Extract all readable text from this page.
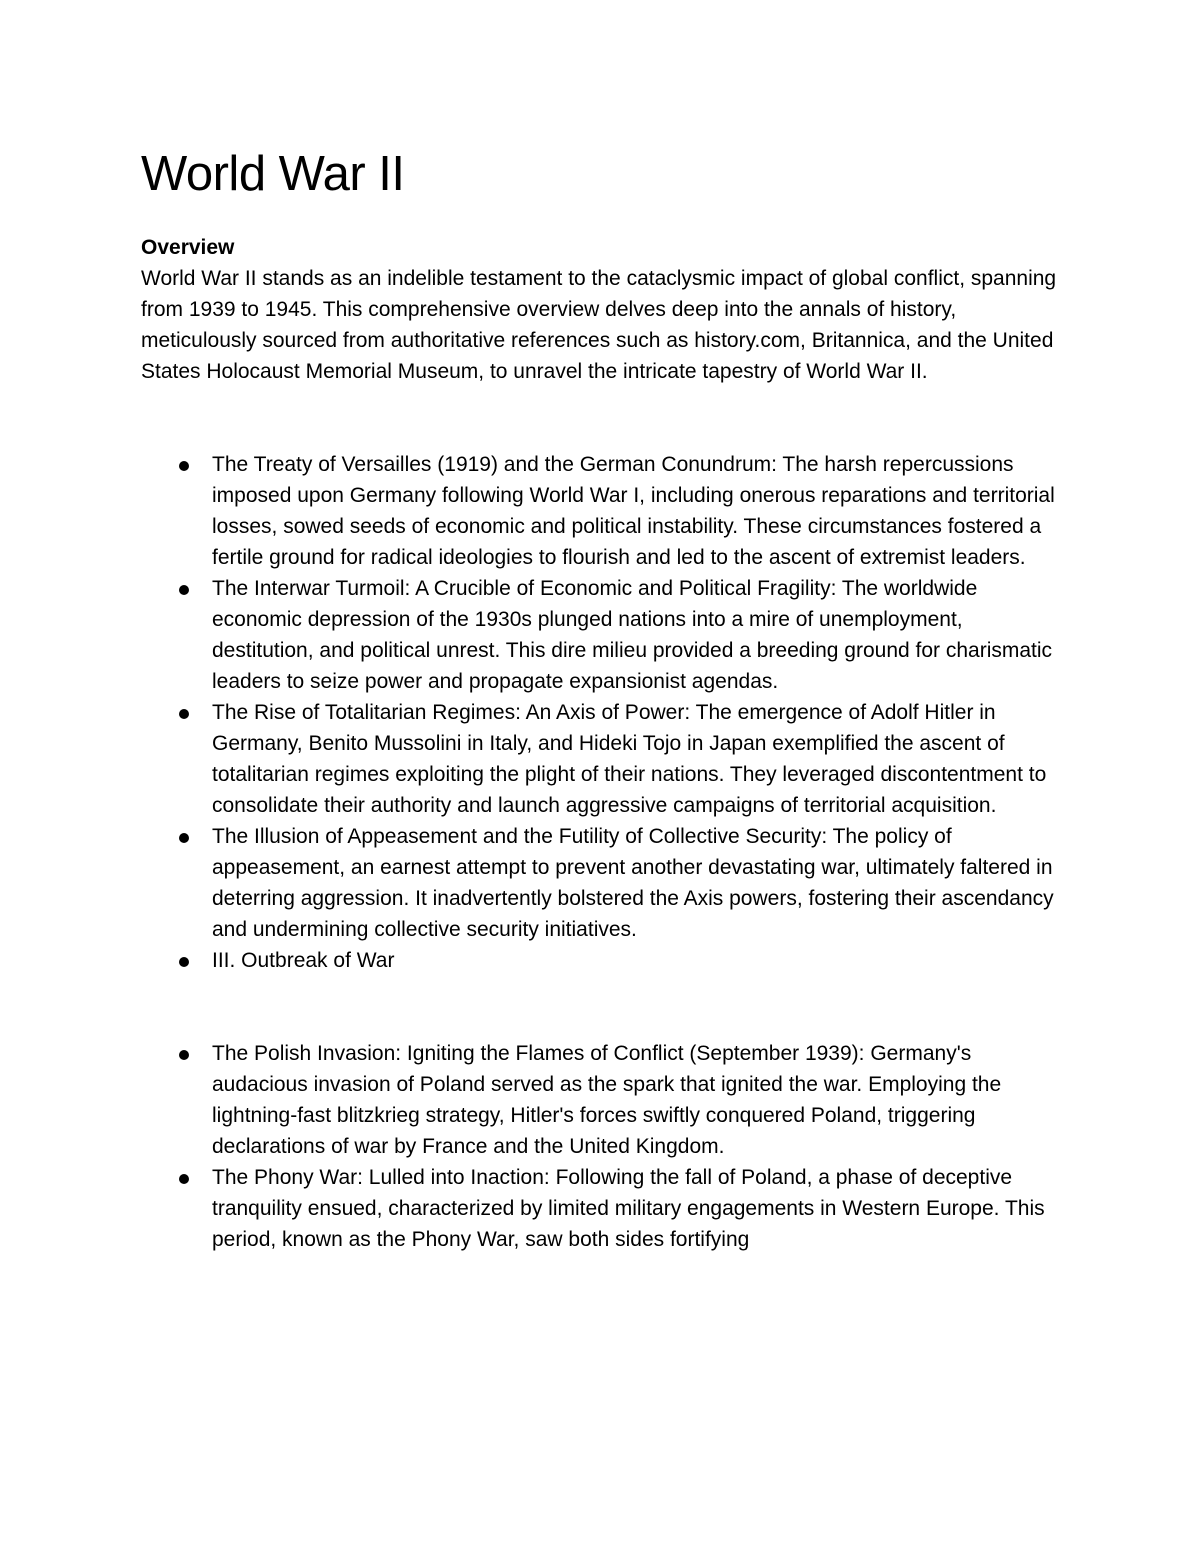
World War II
Overview

World War II stands as an indelible testament to the cataclysmic impact of global conflict, spanning from 1939 to 1945. This comprehensive overview delves deep into the annals of history, meticulously sourced from authoritative references such as history.com, Britannica, and the United States Holocaust Memorial Museum, to unravel the intricate tapestry of World War II.

The Treaty of Versailles (1919) and the German Conundrum: The harsh repercussions imposed upon Germany following World War I, including onerous reparations and territorial losses, sowed seeds of economic and political instability. These circumstances fostered a fertile ground for radical ideologies to flourish and led to the ascent of extremist leaders.
The Interwar Turmoil: A Crucible of Economic and Political Fragility: The worldwide economic depression of the 1930s plunged nations into a mire of unemployment, destitution, and political unrest. This dire milieu provided a breeding ground for charismatic leaders to seize power and propagate expansionist agendas.
The Rise of Totalitarian Regimes: An Axis of Power: The emergence of Adolf Hitler in Germany, Benito Mussolini in Italy, and Hideki Tojo in Japan exemplified the ascent of totalitarian regimes exploiting the plight of their nations. They leveraged discontentment to consolidate their authority and launch aggressive campaigns of territorial acquisition.
The Illusion of Appeasement and the Futility of Collective Security: The policy of appeasement, an earnest attempt to prevent another devastating war, ultimately faltered in deterring aggression. It inadvertently bolstered the Axis powers, fostering their ascendancy and undermining collective security initiatives.
III. Outbreak of War
The Polish Invasion: Igniting the Flames of Conflict (September 1939): Germany's audacious invasion of Poland served as the spark that ignited the war. Employing the lightning-fast blitzkrieg strategy, Hitler's forces swiftly conquered Poland, triggering declarations of war by France and the United Kingdom.
The Phony War: Lulled into Inaction: Following the fall of Poland, a phase of deceptive tranquility ensued, characterized by limited military engagements in Western Europe. This period, known as the Phony War, saw both sides fortifying
